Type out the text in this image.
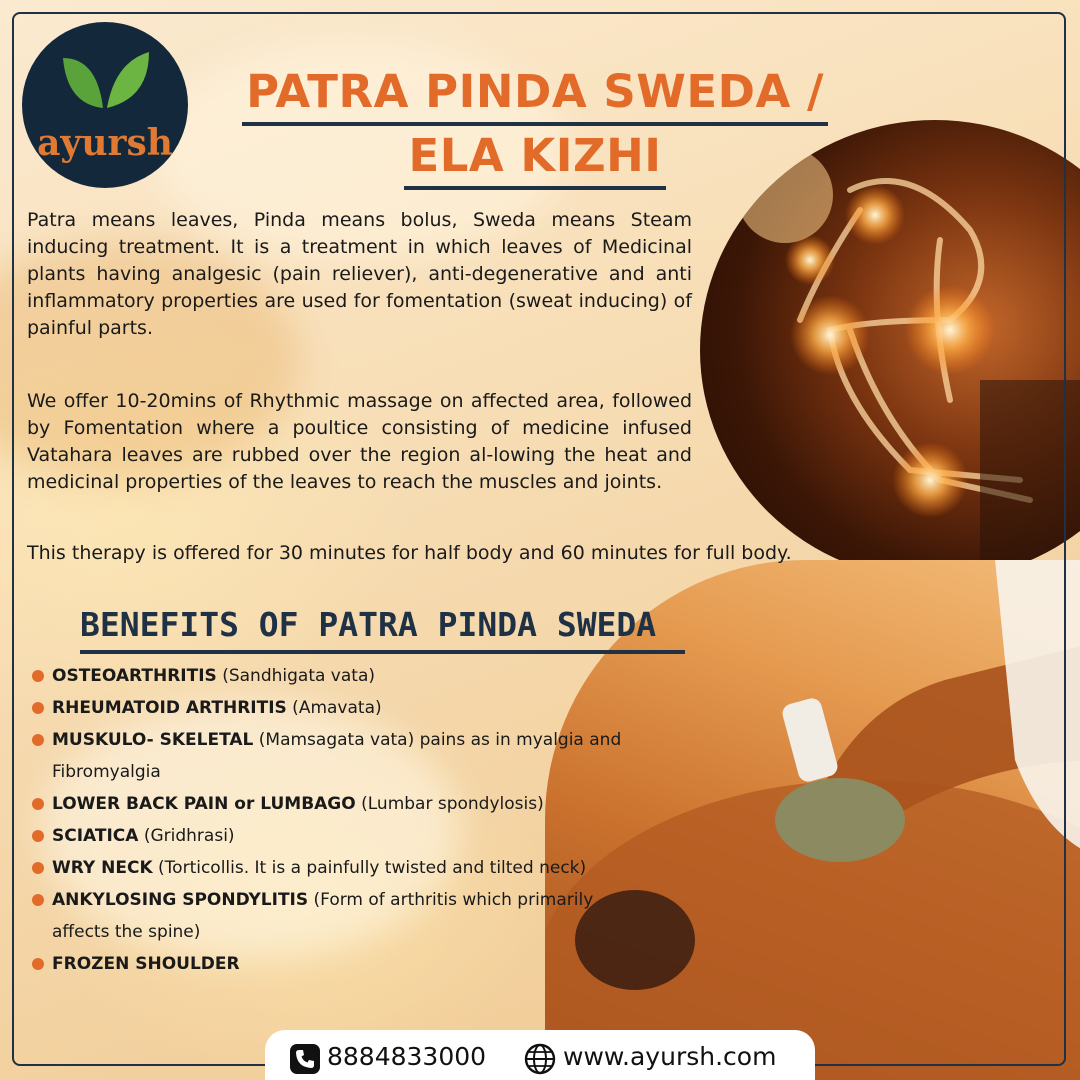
ayursh
PATRA PINDA SWEDA /
ELA KIZHI

Patra means leaves, Pinda means bolus, Sweda means Steam inducing treatment. It is a treatment in which leaves of Medicinal plants having analgesic (pain reliever), anti-degenerative and anti inflammatory properties are used for fomentation (sweat inducing) of painful parts.

We offer 10-20mins of Rhythmic massage on affected area, followed by Fomentation where a poultice consisting of medicine infused Vatahara leaves are rubbed over the region al-lowing the heat and medicinal properties of the leaves to reach the muscles and joints.

This therapy is offered for 30 minutes for half body and 60 minutes for full body.

BENEFITS OF PATRA PINDA SWEDA
OSTEOARTHRITIS (Sandhigata vata)
RHEUMATOID ARTHRITIS (Amavata)
MUSKULO- SKELETAL (Mamsagata vata) pains as in myalgia and Fibromyalgia
LOWER BACK PAIN or LUMBAGO (Lumbar spondylosis)
SCIATICA (Gridhrasi)
WRY NECK (Torticollis. It is a painfully twisted and tilted neck)
ANKYLOSING SPONDYLITIS (Form of arthritis which primarily affects the spine)
FROZEN SHOULDER
8884833000	www.ayursh.com
